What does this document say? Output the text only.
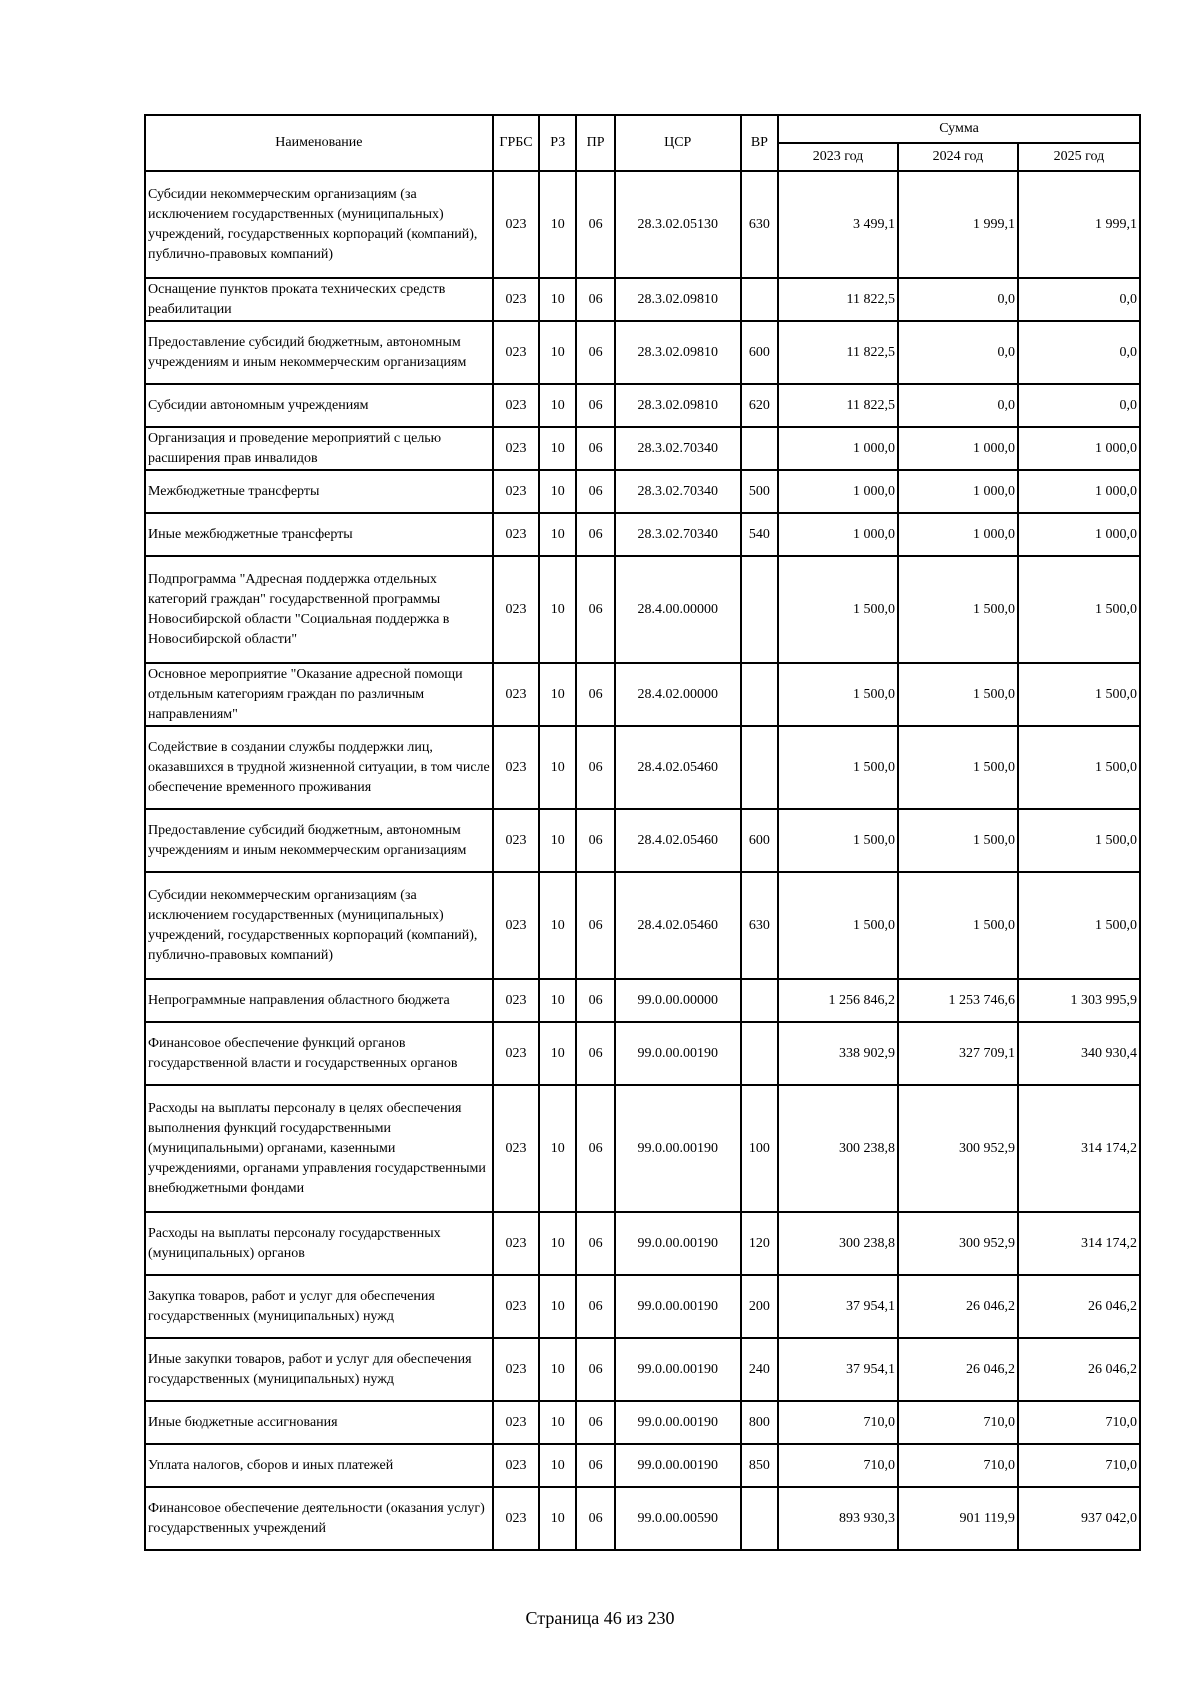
Наименование	ГРБС	РЗ	ПР	ЦСР	ВР	Сумма		
						2023 год	2024 год	2025 год
Субсидии некоммерческим организациям (за исключением государственных (муниципальных) учреждений, государственных корпораций (компаний), публично-правовых компаний)	023	10	06	28.3.02.05130	630	3 499,1	1 999,1	1 999,1
Оснащение пунктов проката технических средств реабилитации	023	10	06	28.3.02.09810		11 822,5	0,0	0,0
Предоставление субсидий бюджетным, автономным учреждениям и иным некоммерческим организациям	023	10	06	28.3.02.09810	600	11 822,5	0,0	0,0
Субсидии автономным учреждениям	023	10	06	28.3.02.09810	620	11 822,5	0,0	0,0
Организация и проведение мероприятий с целью расширения прав инвалидов	023	10	06	28.3.02.70340		1 000,0	1 000,0	1 000,0
Межбюджетные трансферты	023	10	06	28.3.02.70340	500	1 000,0	1 000,0	1 000,0
Иные межбюджетные трансферты	023	10	06	28.3.02.70340	540	1 000,0	1 000,0	1 000,0
Подпрограмма "Адресная поддержка отдельных категорий граждан" государственной программы Новосибирской области "Социальная поддержка в Новосибирской области"	023	10	06	28.4.00.00000		1 500,0	1 500,0	1 500,0
Основное мероприятие "Оказание адресной помощи отдельным категориям граждан по различным направлениям"	023	10	06	28.4.02.00000		1 500,0	1 500,0	1 500,0
Содействие в создании службы поддержки лиц, оказавшихся в трудной жизненной ситуации, в том числе обеспечение временного проживания	023	10	06	28.4.02.05460		1 500,0	1 500,0	1 500,0
Предоставление субсидий бюджетным, автономным учреждениям и иным некоммерческим организациям	023	10	06	28.4.02.05460	600	1 500,0	1 500,0	1 500,0
Субсидии некоммерческим организациям (за исключением государственных (муниципальных) учреждений, государственных корпораций (компаний), публично-правовых компаний)	023	10	06	28.4.02.05460	630	1 500,0	1 500,0	1 500,0
Непрограммные направления областного бюджета	023	10	06	99.0.00.00000		1 256 846,2	1 253 746,6	1 303 995,9
Финансовое обеспечение функций органов государственной власти и государственных органов	023	10	06	99.0.00.00190		338 902,9	327 709,1	340 930,4
Расходы на выплаты персоналу в целях обеспечения выполнения функций государственными (муниципальными) органами, казенными учреждениями, органами управления государственными внебюджетными фондами	023	10	06	99.0.00.00190	100	300 238,8	300 952,9	314 174,2
Расходы на выплаты персоналу государственных (муниципальных) органов	023	10	06	99.0.00.00190	120	300 238,8	300 952,9	314 174,2
Закупка товаров, работ и услуг для обеспечения государственных (муниципальных) нужд	023	10	06	99.0.00.00190	200	37 954,1	26 046,2	26 046,2
Иные закупки товаров, работ и услуг для обеспечения государственных (муниципальных) нужд	023	10	06	99.0.00.00190	240	37 954,1	26 046,2	26 046,2
Иные бюджетные ассигнования	023	10	06	99.0.00.00190	800	710,0	710,0	710,0
Уплата налогов, сборов и иных платежей	023	10	06	99.0.00.00190	850	710,0	710,0	710,0
Финансовое обеспечение деятельности (оказания услуг) государственных учреждений	023	10	06	99.0.00.00590		893 930,3	901 119,9	937 042,0
Страница 46 из 230
